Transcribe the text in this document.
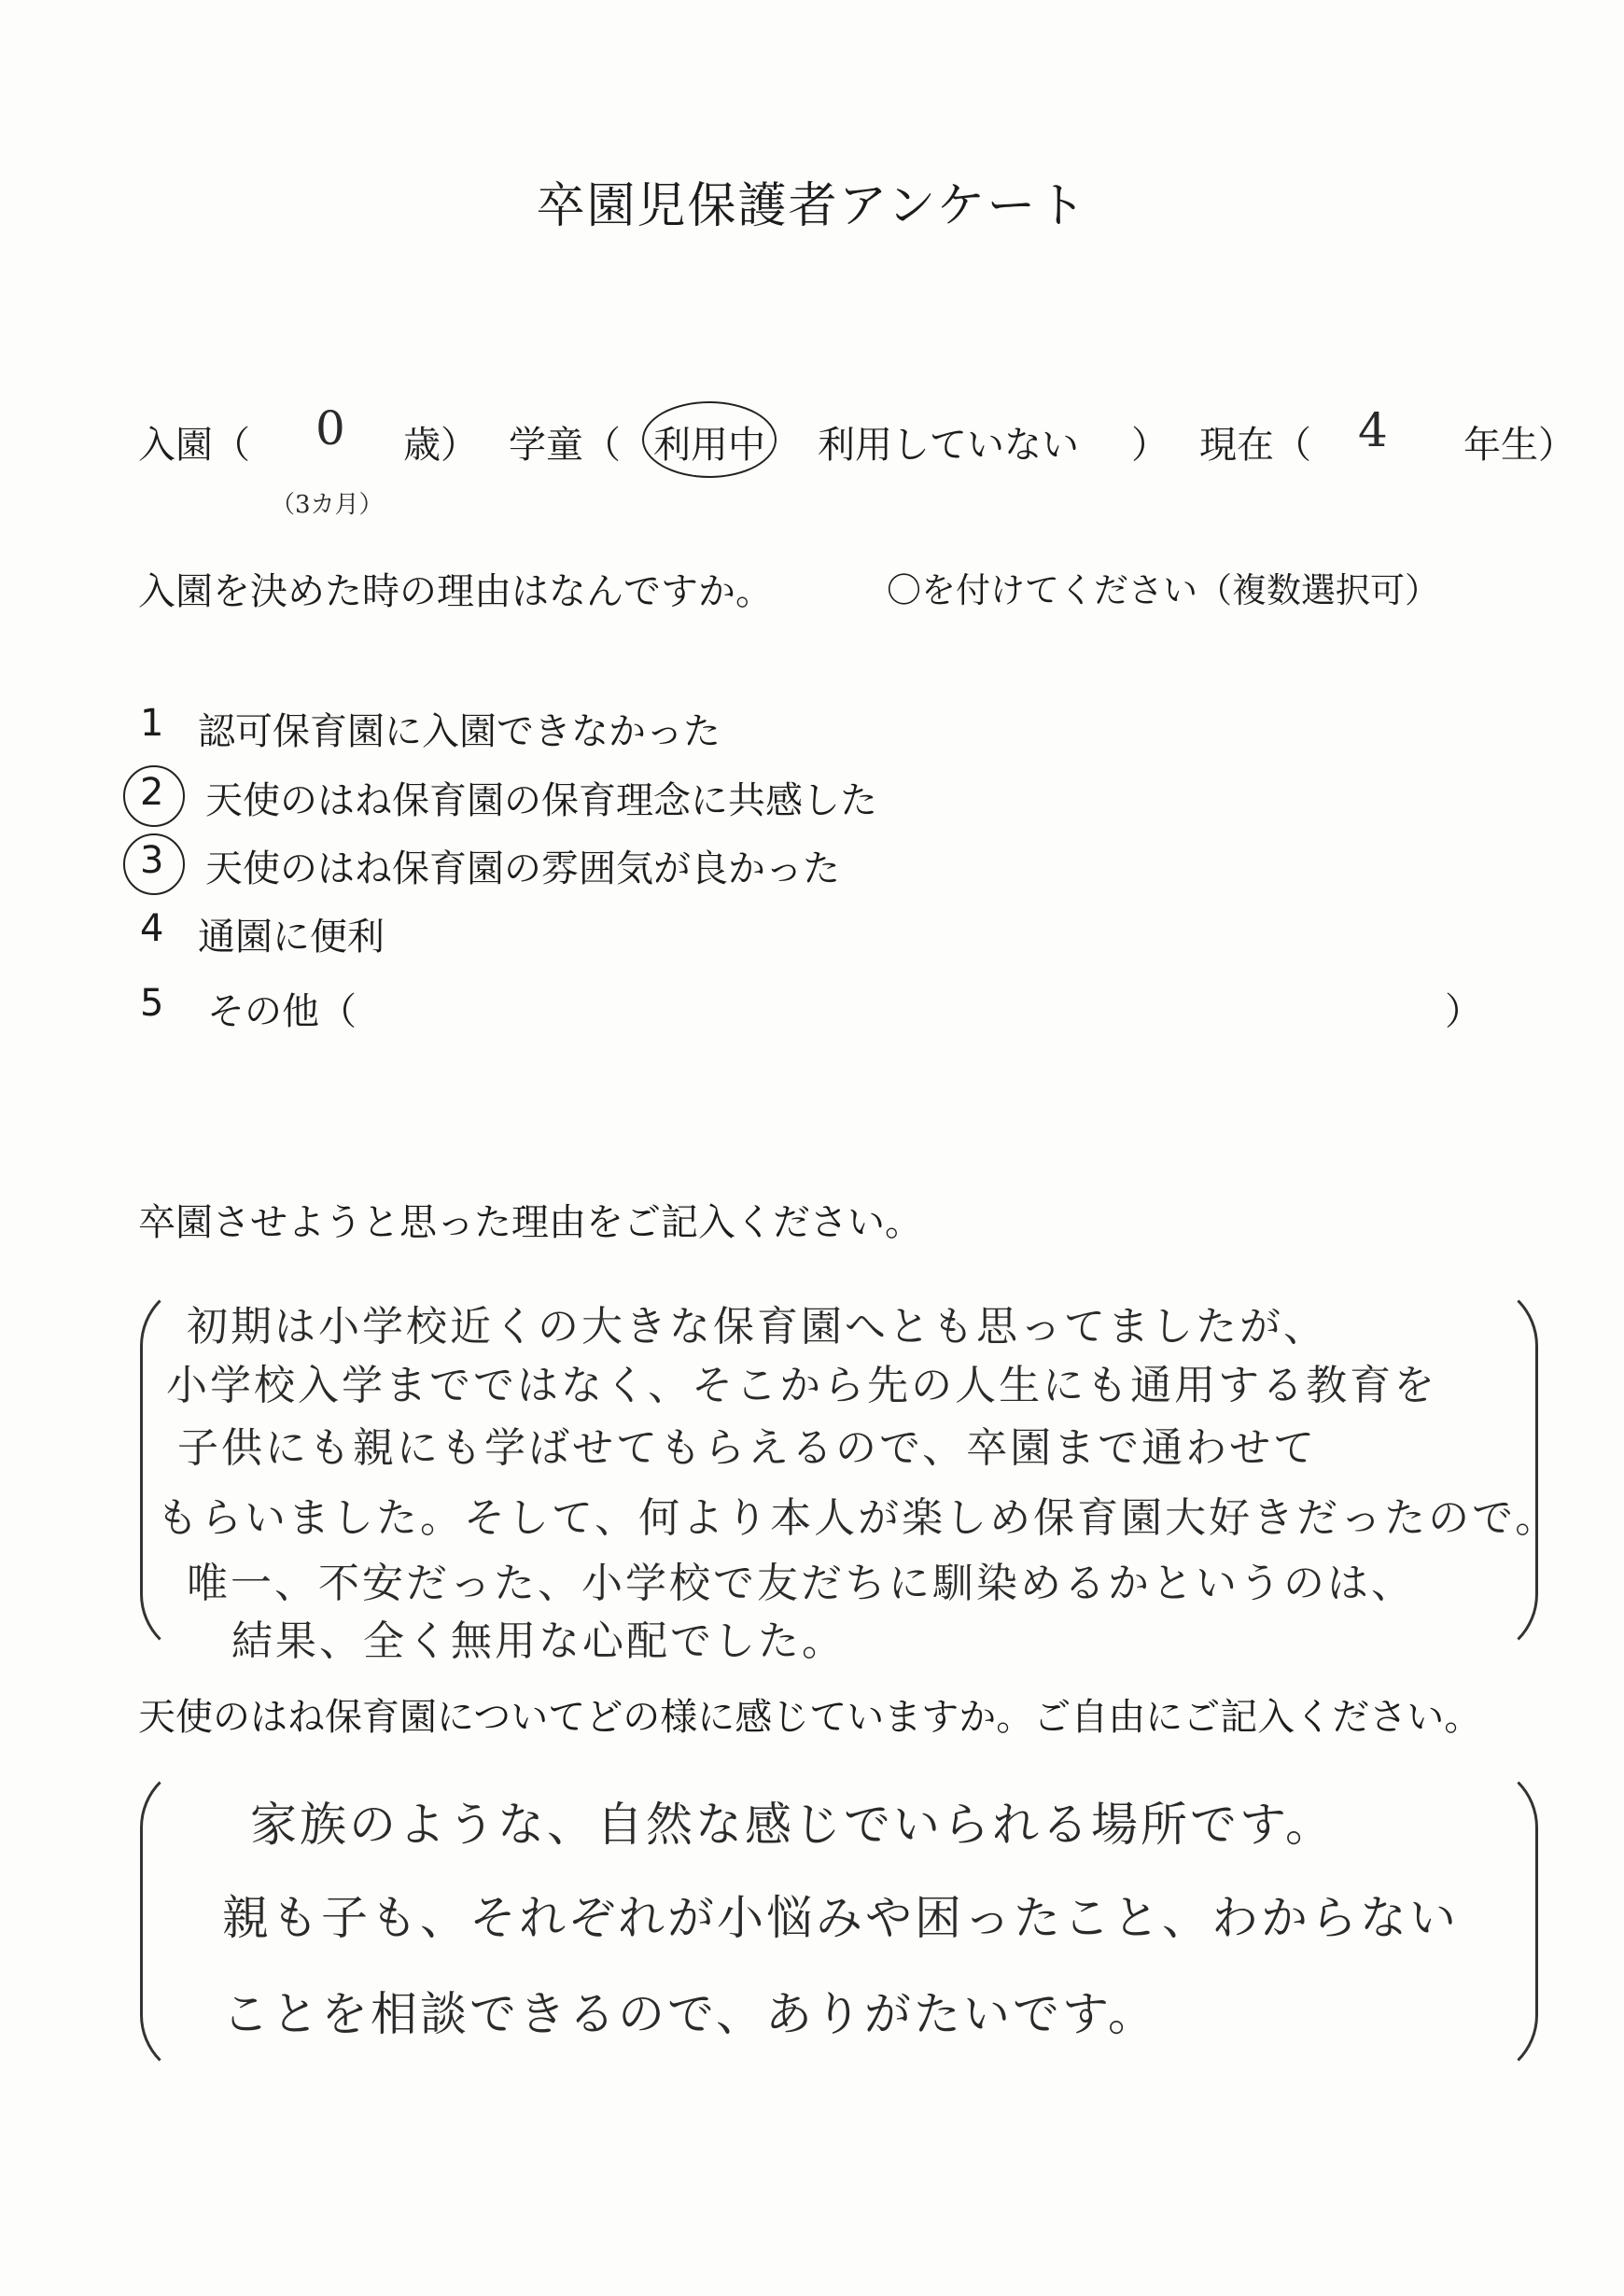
卒園児保護者アンケート
入園（ 0 歳）
（3カ月）
学童（ 利用中 利用していない ） 現在（ 4 年生）
入園を決めた時の理由はなんですか。	〇を付けてください（複数選択可）
1 認可保育園に入園できなかった
2 天使のはね保育園の保育理念に共感した
3 天使のはね保育園の雰囲気が良かった
4 通園に便利
5 その他（	）
卒園させようと思った理由をご記入ください。
初期は小学校近くの大きな保育園へとも思ってましたが、
小学校入学までではなく、そこから先の人生にも通用する教育を
子供にも親にも学ばせてもらえるので、卒園まで通わせて
もらいました。そして、何より本人が楽しめ保育園大好きだったので。
唯一、不安だった、小学校で友だちに馴染めるかというのは、
結果、全く無用な心配でした。
天使のはね保育園についてどの様に感じていますか。ご自由にご記入ください。
家族のような、自然な感じでいられる場所です。
親も子も、それぞれが小悩みや困ったこと、わからない
ことを相談できるので、ありがたいです。
